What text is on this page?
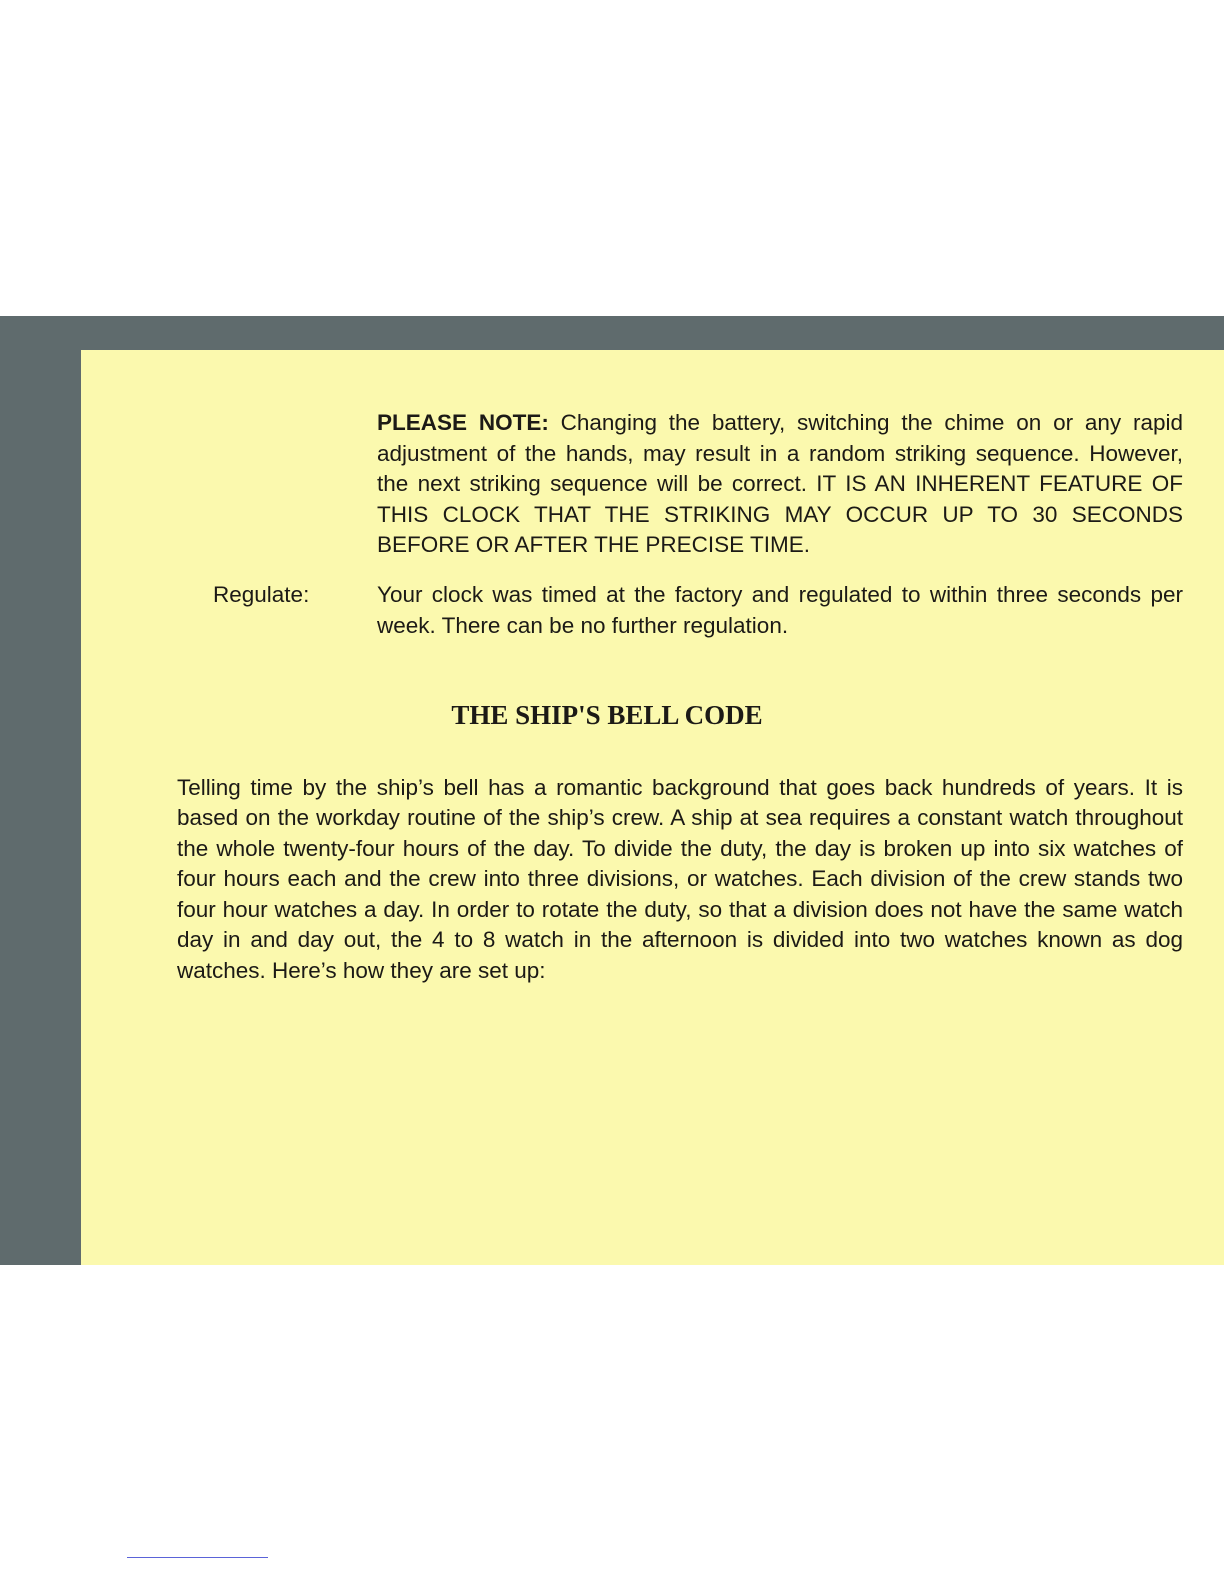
PLEASE NOTE: Changing the battery, switching the chime on or any rapid adjustment of the hands, may result in a random striking sequence. However, the next striking sequence will be correct. IT IS AN INHERENT FEATURE OF THIS CLOCK THAT THE STRIKING MAY OCCUR UP TO 30 SECONDS BEFORE OR AFTER THE PRECISE TIME.
Regulate:	Your clock was timed at the factory and regulated to within three seconds per week. There can be no further regulation.
THE SHIP'S BELL CODE

Telling time by the ship’s bell has a romantic background that goes back hundreds of years. It is based on the workday routine of the ship’s crew. A ship at sea requires a constant watch throughout the whole twenty-four hours of the day. To divide the duty, the day is broken up into six watches of four hours each and the crew into three divisions, or watches. Each division of the crew stands two four hour watches a day. In order to rotate the duty, so that a division does not have the same watch day in and day out, the 4 to 8 watch in the afternoon is divided into two watches known as dog watches. Here’s how they are set up:
